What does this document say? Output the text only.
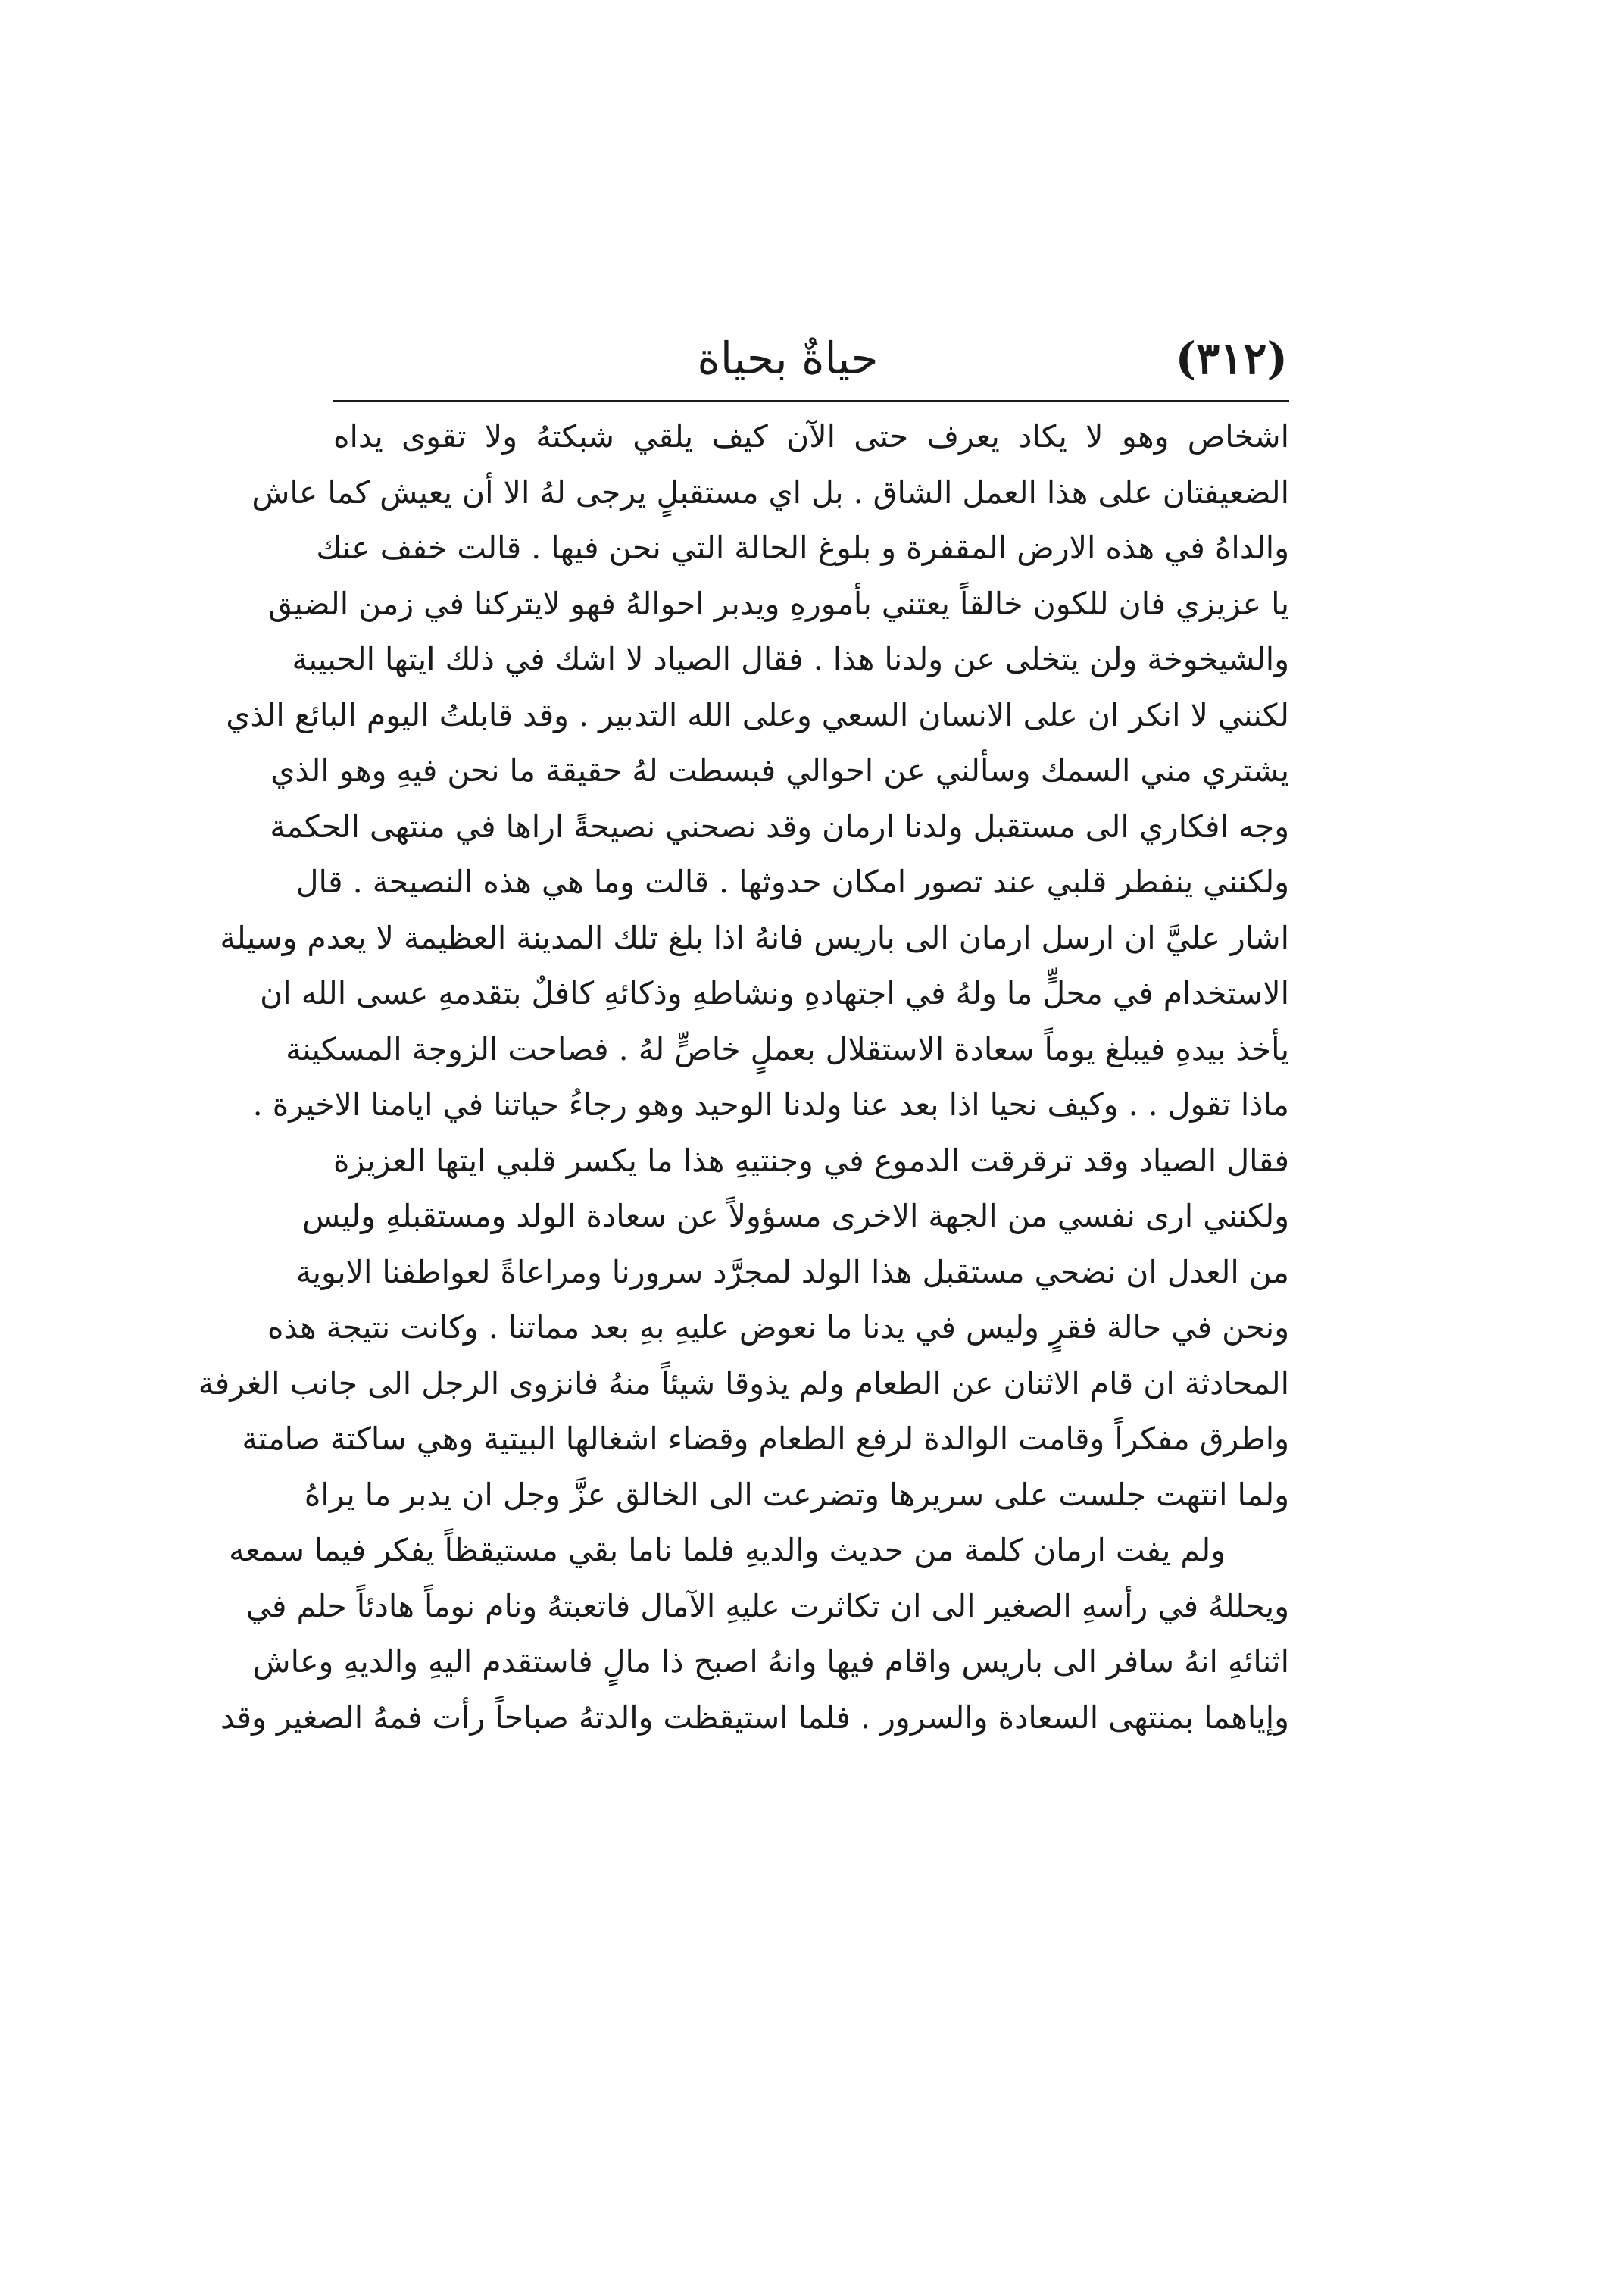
(٣١٢)
حياةٌ بحياة
اشخاص وهو لا يكاد يعرف حتى الآن كيف يلقي شبكتهُ ولا تقوى يداه
الضعيفتان على هذا العمل الشاق . بل اي مستقبلٍ يرجى لهُ الا أن يعيش كما عاش
والداهُ في هذه الارض المقفرة و بلوغ الحالة التي نحن فيها . قالت خفف عنك
يا عزيزي فان للكون خالقاً يعتني بأمورهِ ويدبر احوالهُ فهو لايتركنا في زمن الضيق
والشيخوخة ولن يتخلى عن ولدنا هذا . فقال الصياد لا اشك في ذلك ايتها الحبيبة
لكنني لا انكر ان على الانسان السعي وعلى الله التدبير . وقد قابلتُ اليوم البائع الذي
يشتري مني السمك وسألني عن احوالي فبسطت لهُ حقيقة ما نحن فيهِ وهو الذي
وجه افكاري الى مستقبل ولدنا ارمان وقد نصحني نصيحةً اراها في منتهى الحكمة
ولكنني ينفطر قلبي عند تصور امكان حدوثها . قالت وما هي هذه النصيحة . قال
اشار عليَّ ان ارسل ارمان الى باريس فانهُ اذا بلغ تلك المدينة العظيمة لا يعدم وسيلة
الاستخدام في محلٍّ ما ولهُ في اجتهادهِ ونشاطهِ وذكائهِ كافلٌ بتقدمهِ عسى الله ان
يأخذ بيدهِ فيبلغ يوماً سعادة الاستقلال بعملٍ خاصٍّ لهُ . فصاحت الزوجة المسكينة
ماذا تقول . . وكيف نحيا اذا بعد عنا ولدنا الوحيد وهو رجاءُ حياتنا في ايامنا الاخيرة .
فقال الصياد وقد ترقرقت الدموع في وجنتيهِ هذا ما يكسر قلبي ايتها العزيزة
ولكنني ارى نفسي من الجهة الاخرى مسؤولاً عن سعادة الولد ومستقبلهِ وليس
من العدل ان نضحي مستقبل هذا الولد لمجرَّد سرورنا ومراعاةً لعواطفنا الابوية
ونحن في حالة فقرٍ وليس في يدنا ما نعوض عليهِ بهِ بعد مماتنا . وكانت نتيجة هذه
المحادثة ان قام الاثنان عن الطعام ولم يذوقا شيئاً منهُ فانزوى الرجل الى جانب الغرفة
واطرق مفكراً وقامت الوالدة لرفع الطعام وقضاء اشغالها البيتية وهي ساكتة صامتة
ولما انتهت جلست على سريرها وتضرعت الى الخالق عزَّ وجل ان يدبر ما يراهُ
ولم يفت ارمان كلمة من حديث والديهِ فلما ناما بقي مستيقظاً يفكر فيما سمعه
ويحللهُ في رأسهِ الصغير الى ان تكاثرت عليهِ الآمال فاتعبتهُ ونام نوماً هادئاً حلم في
اثنائهِ انهُ سافر الى باريس واقام فيها وانهُ اصبح ذا مالٍ فاستقدم اليهِ والديهِ وعاش
وإياهما بمنتهى السعادة والسرور . فلما استيقظت والدتهُ صباحاً رأت فمهُ الصغير وقد
